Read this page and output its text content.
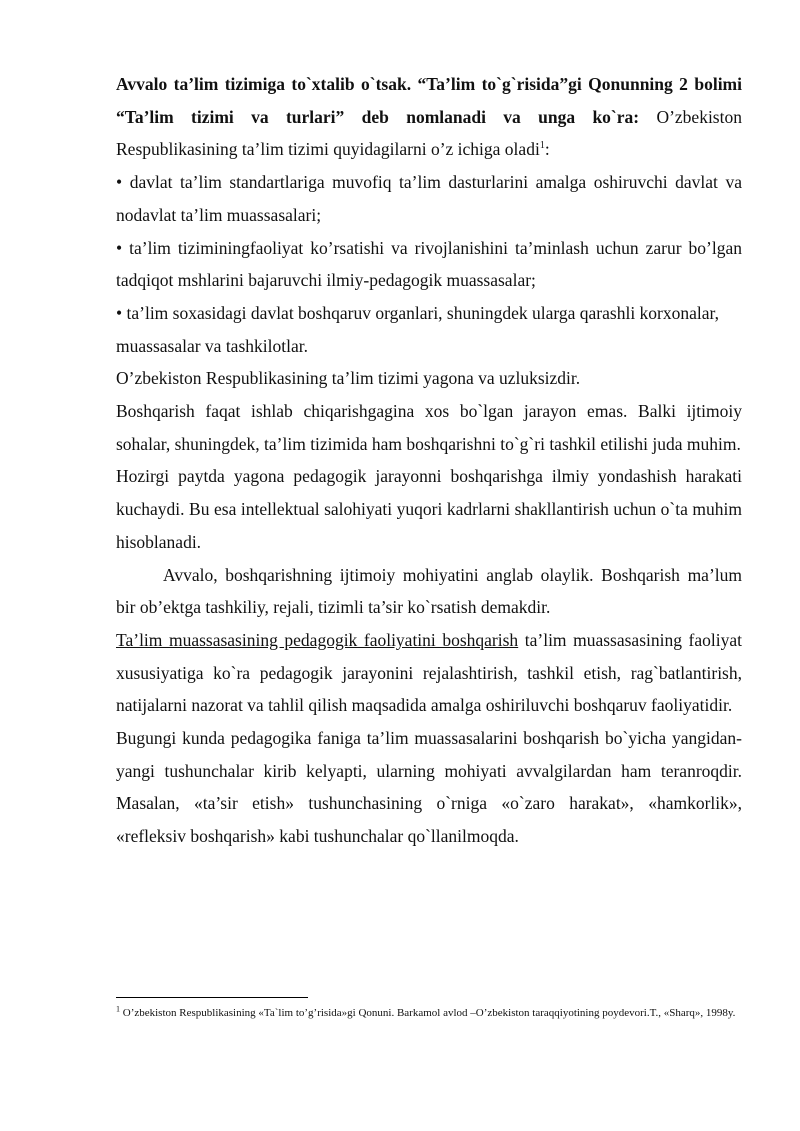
Avvalo ta’lim tizimiga to`xtalib o`tsak. “Ta’lim to`g`risida”gi Qonunning 2 bolimi “Ta’lim tizimi va turlari” deb nomlanadi va unga ko`ra: O’zbekiston Respublikasining ta’lim tizimi quyidagilarni o’z ichiga oladi$^1$:

• davlat ta’lim standartlariga muvofiq ta’lim dasturlarini amalga oshiruvchi davlat va nodavlat ta’lim muassasalari;

• ta’lim tiziminingfaoliyat ko’rsatishi va rivojlanishini ta’minlash uchun zarur bo’lgan tadqiqot mshlarini bajaruvchi ilmiy-pedagogik muassasalar;

• ta’lim soxasidagi davlat boshqaruv organlari, shuningdek ularga qarashli korxonalar,

muassasalar va tashkilotlar.

O’zbekiston Respublikasining ta’lim tizimi yagona va uzluksizdir.

Boshqarish faqat ishlab chiqarishgagina xos bo`lgan jarayon emas. Balki ijtimoiy sohalar, shuningdek, ta’lim tizimida ham boshqarishni to`g`ri tashkil etilishi juda muhim.

Hozirgi paytda yagona pedagogik jarayonni boshqarishga ilmiy yondashish harakati kuchaydi. Bu esa intellektual salohiyati yuqori kadrlarni shakllantirish uchun o`ta muhim hisoblanadi.

Avvalo, boshqarishning ijtimoiy mohiyatini anglab olaylik. Boshqarish ma’lum bir ob’ektga tashkiliy, rejali, tizimli ta’sir ko`rsatish demakdir.

Ta’lim muassasasining pedagogik faoliyatini boshqarish ta’lim muassasasining faoliyat xususiyatiga ko`ra pedagogik jarayonini rejalashtirish, tashkil etish, rag`batlantirish, natijalarni nazorat va tahlil qilish maqsadida amalga oshiriluvchi boshqaruv faoliyatidir.

Bugungi kunda pedagogika faniga ta’lim muassasalarini boshqarish bo`yicha yangidan-yangi tushunchalar kirib kelyapti, ularning mohiyati avvalgilardan ham teranroqdir. Masalan, «ta’sir etish» tushunchasining o`rniga «o`zaro harakat», «hamkorlik», «refleksiv boshqarish» kabi tushunchalar qo`llanilmoqda.

$^1$ O’zbekiston Respublikasining «Ta`lim to’g’risida»gi Qonuni. Barkamol avlod –O’zbekiston taraqqiyotining poydevori.T., «Sharq», 1998y.
